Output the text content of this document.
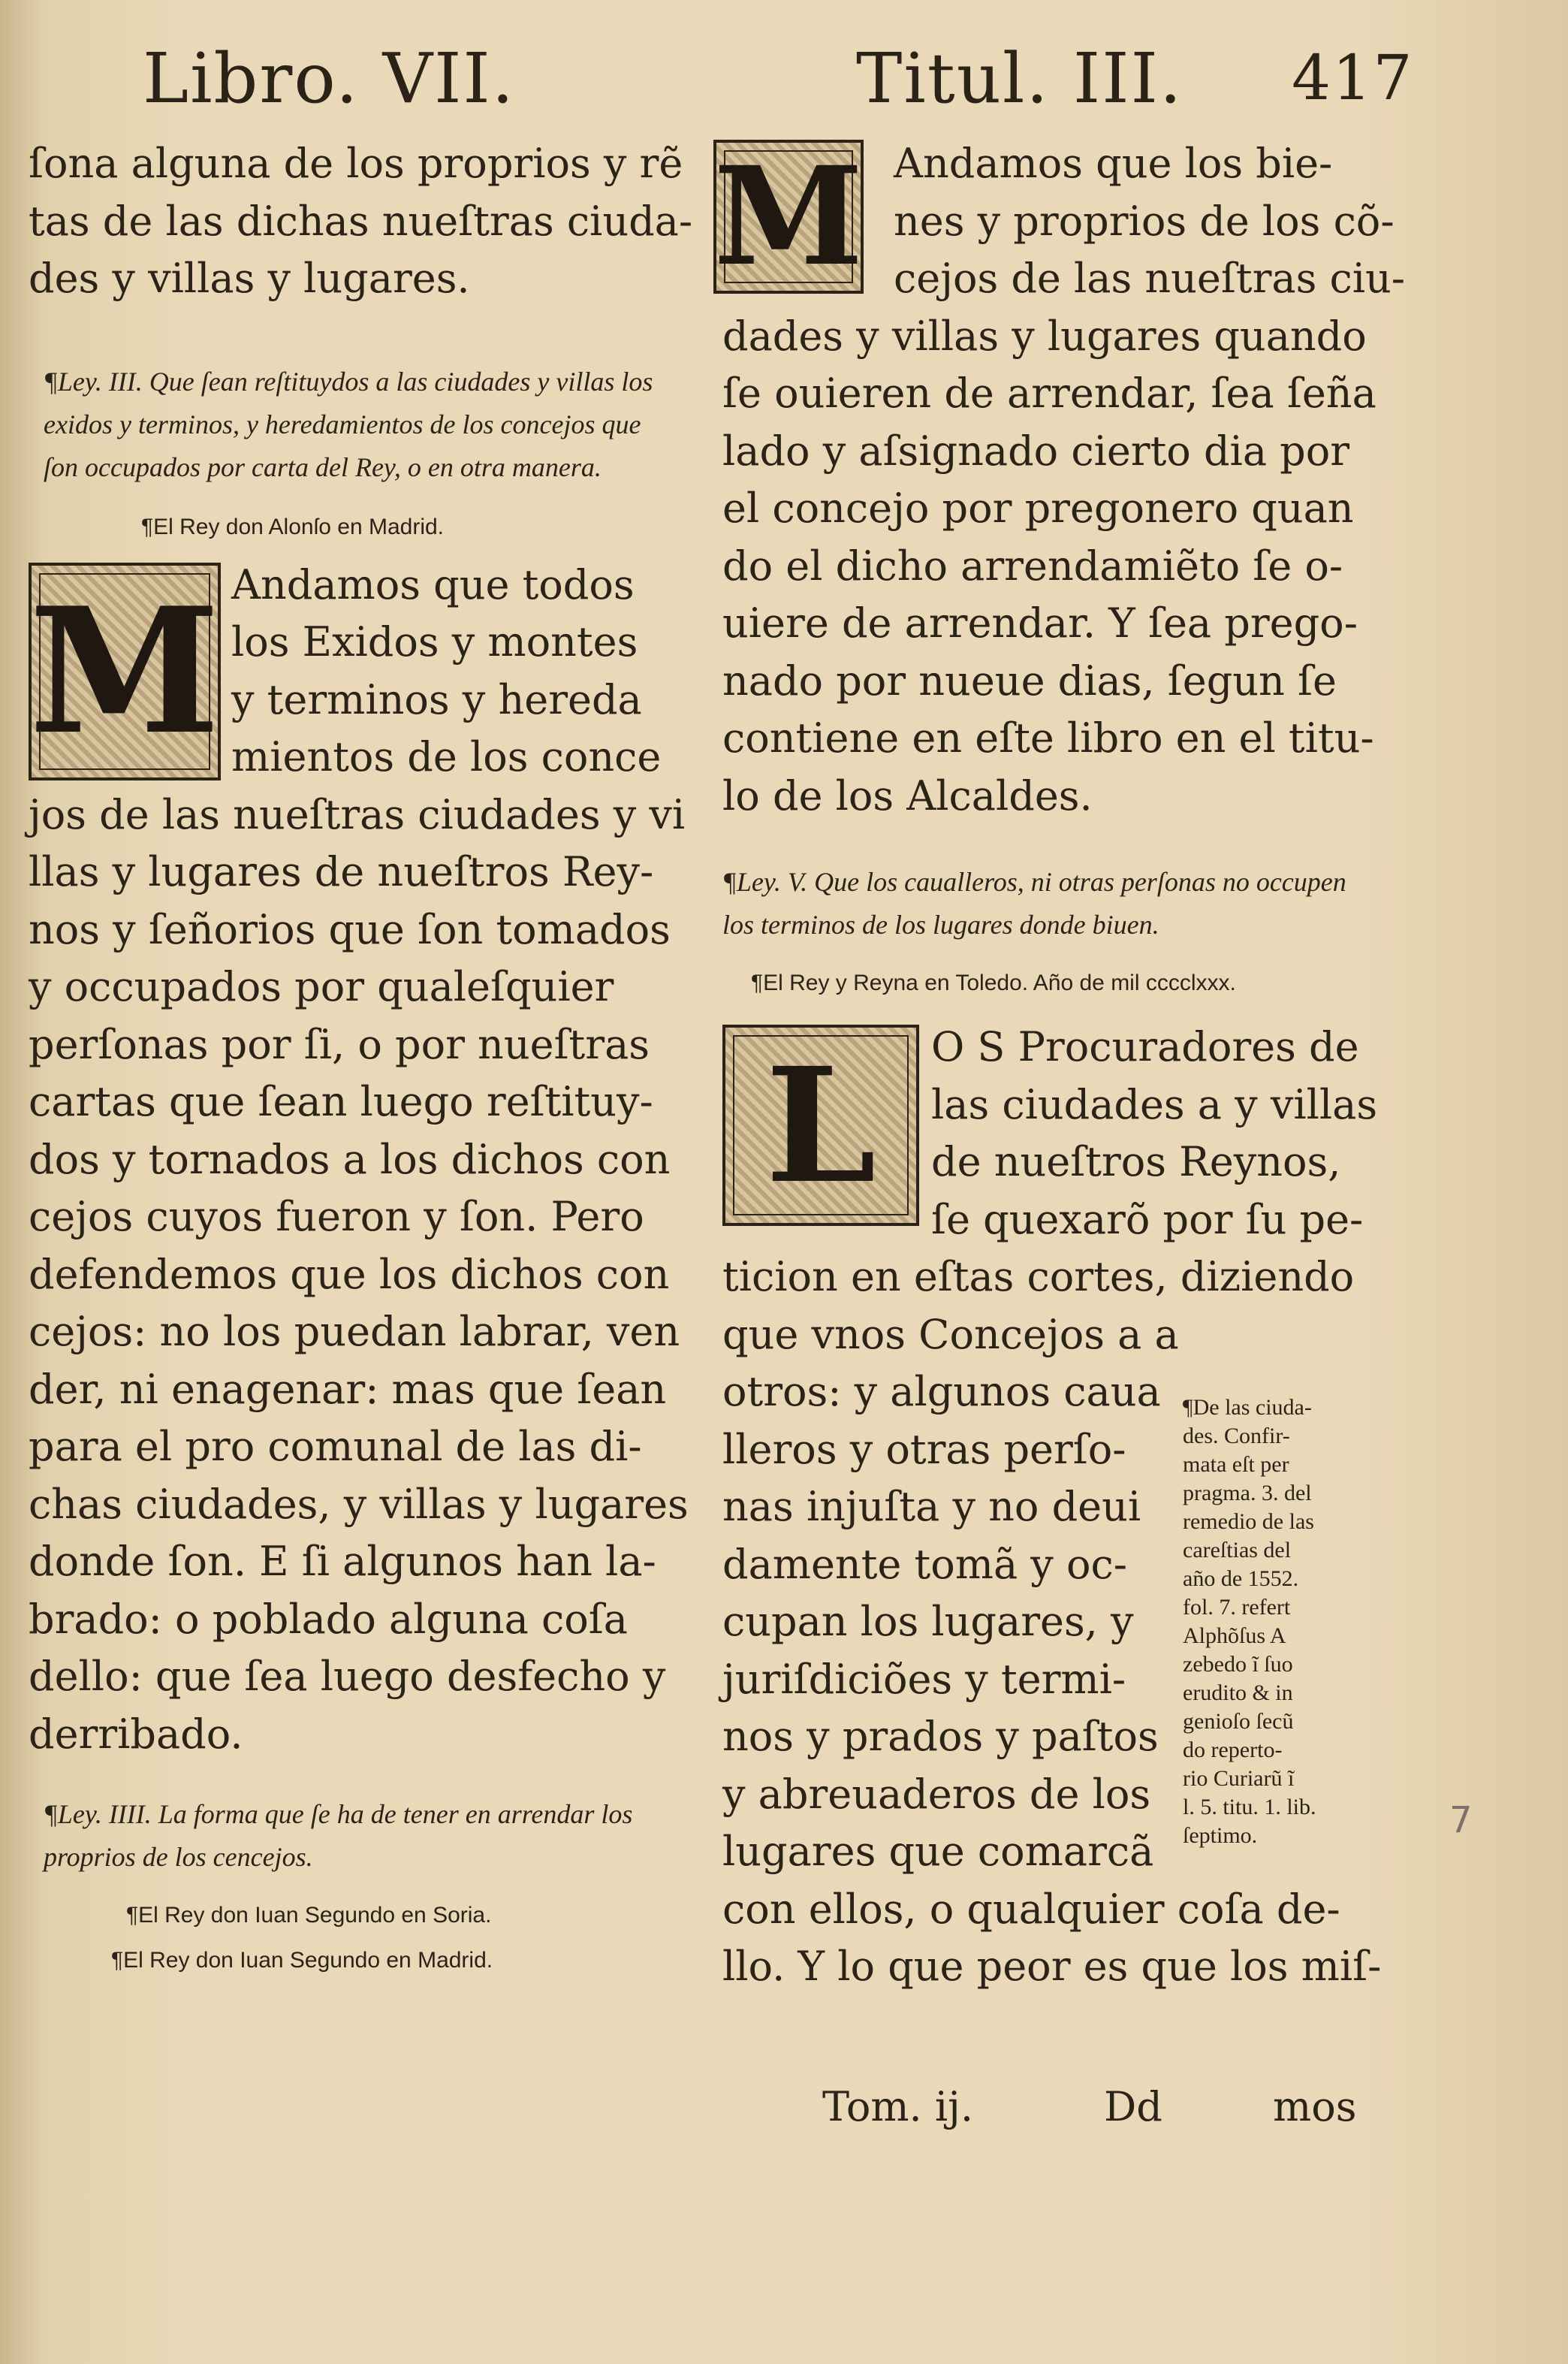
Libro. VII.	Titul. III. 417
ſona alguna de los proprios y rẽ
tas de las dichas nueſtras ciuda-
des y villas y lugares.

¶Ley. III. Que ſean reſtituydos a las ciudades y villas los exidos y terminos, y heredamientos de los concejos que ſon occupados por carta del Rey, o en otra manera.

¶El Rey don Alonſo en Madrid.

M Andamos que todos
los Exidos y montes
y terminos y hereda
mientos de los conce
jos de las nueſtras ciudades y vi
llas y lugares de nueſtros Rey-
nos y ſeñorios que ſon tomados
y occupados por qualeſquier
perſonas por ſi, o por nueſtras
cartas que ſean luego reſtituy-
dos y tornados a los dichos con
cejos cuyos fueron y ſon. Pero
defendemos que los dichos con
cejos: no los puedan labrar, ven
der, ni enagenar: mas que ſean
para el pro comunal de las di-
chas ciudades, y villas y lugares
donde ſon. E ſi algunos han la-
brado: o poblado alguna coſa
dello: que ſea luego desfecho y
derribado.

¶Ley. IIII. La forma que ſe ha de tener en arrendar los proprios de los cencejos.

¶El Rey don Iuan Segundo en Soria.

¶El Rey don Iuan Segundo en Madrid.

M Andamos que los bie-
nes y proprios de los cõ-
cejos de las nueſtras ciu-
dades y villas y lugares quando
ſe ouieren de arrendar, ſea ſeña
lado y aſsignado cierto dia por
el concejo por pregonero quan
do el dicho arrendamiẽto ſe o-
uiere de arrendar. Y ſea prego-
nado por nueue dias, ſegun ſe
contiene en eſte libro en el titu-
lo de los Alcaldes.

¶Ley. V. Que los caualleros, ni otras perſonas no occupen los terminos de los lugares donde biuen.

¶El Rey y Reyna en Toledo. Año de mil cccclxxx.

L	O S Procuradores de
las ciudades a y villas
de nueſtros Reynos,
ſe quexarõ por ſu pe-
ticion en eſtas cortes, diziendo
que vnos Concejos a a
otros: y algunos caua
lleros y otras perſo-
nas injuſta y no deui
damente tomã y oc-
cupan los lugares, y
juriſdiciões y termi-
nos y prados y paſtos
y abreuaderos de los
lugares que comarcã
con ellos, o qualquier coſa de-
llo. Y lo que peor es que los miſ-
¶De las ciuda-
des. Confir-
mata eſt per
pragma. 3. del
remedio de las
careſtias del
año de 1552.
fol. 7. refert
Alphõſus A
zebedo ĩ ſuo
erudito & in
genioſo ſecũ
do reperto-
rio Curiarũ ĩ
l. 5. titu. 1. lib.
ſeptimo.	7
Tom. ij.	Dd	mos
